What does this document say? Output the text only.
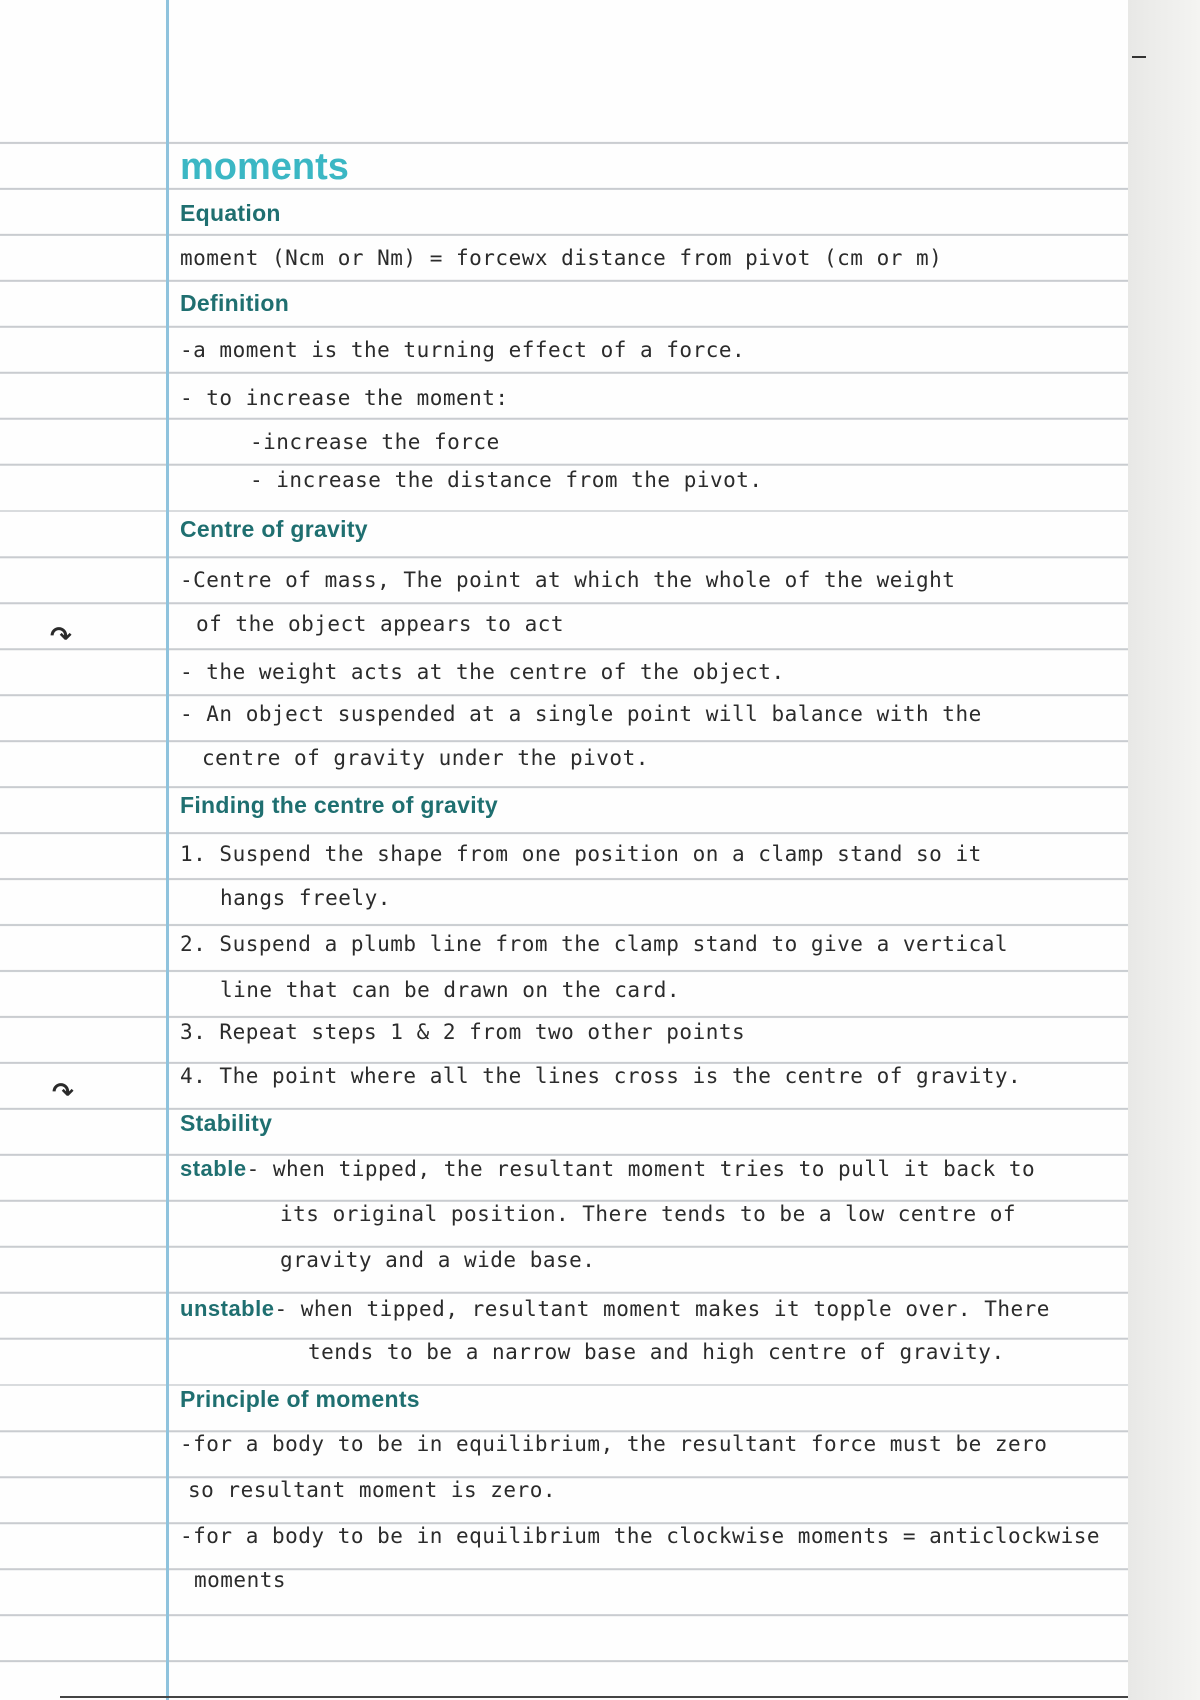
↷
↷
moments
Equation
moment (Ncm or Nm) = forcewx distance from pivot (cm or m)
Definition
-a moment is the turning effect of a force.
- to increase the moment:
-increase the force
- increase the distance from the pivot.
Centre of gravity
-Centre of mass, The point at which the whole of the weight
of the object appears to act
- the weight acts at the centre of the object.
- An object suspended at a single point will balance with the
centre of gravity under the pivot.
Finding the centre of gravity
1. Suspend the shape from one position on a clamp stand so it
hangs freely.
2. Suspend a plumb line from the clamp stand to give a vertical
line that can be drawn on the card.
3. Repeat steps 1 & 2 from two other points
4. The point where all the lines cross is the centre of gravity.
Stability
stable- when tipped, the resultant moment tries to pull it back to
its original position. There tends to be a low centre of
gravity and a wide base.
unstable- when tipped, resultant moment makes it topple over. There
tends to be a narrow base and high centre of gravity.
Principle of moments
-for a body to be in equilibrium, the resultant force must be zero
so resultant moment is zero.
-for a body to be in equilibrium the clockwise moments = anticlockwise
moments
